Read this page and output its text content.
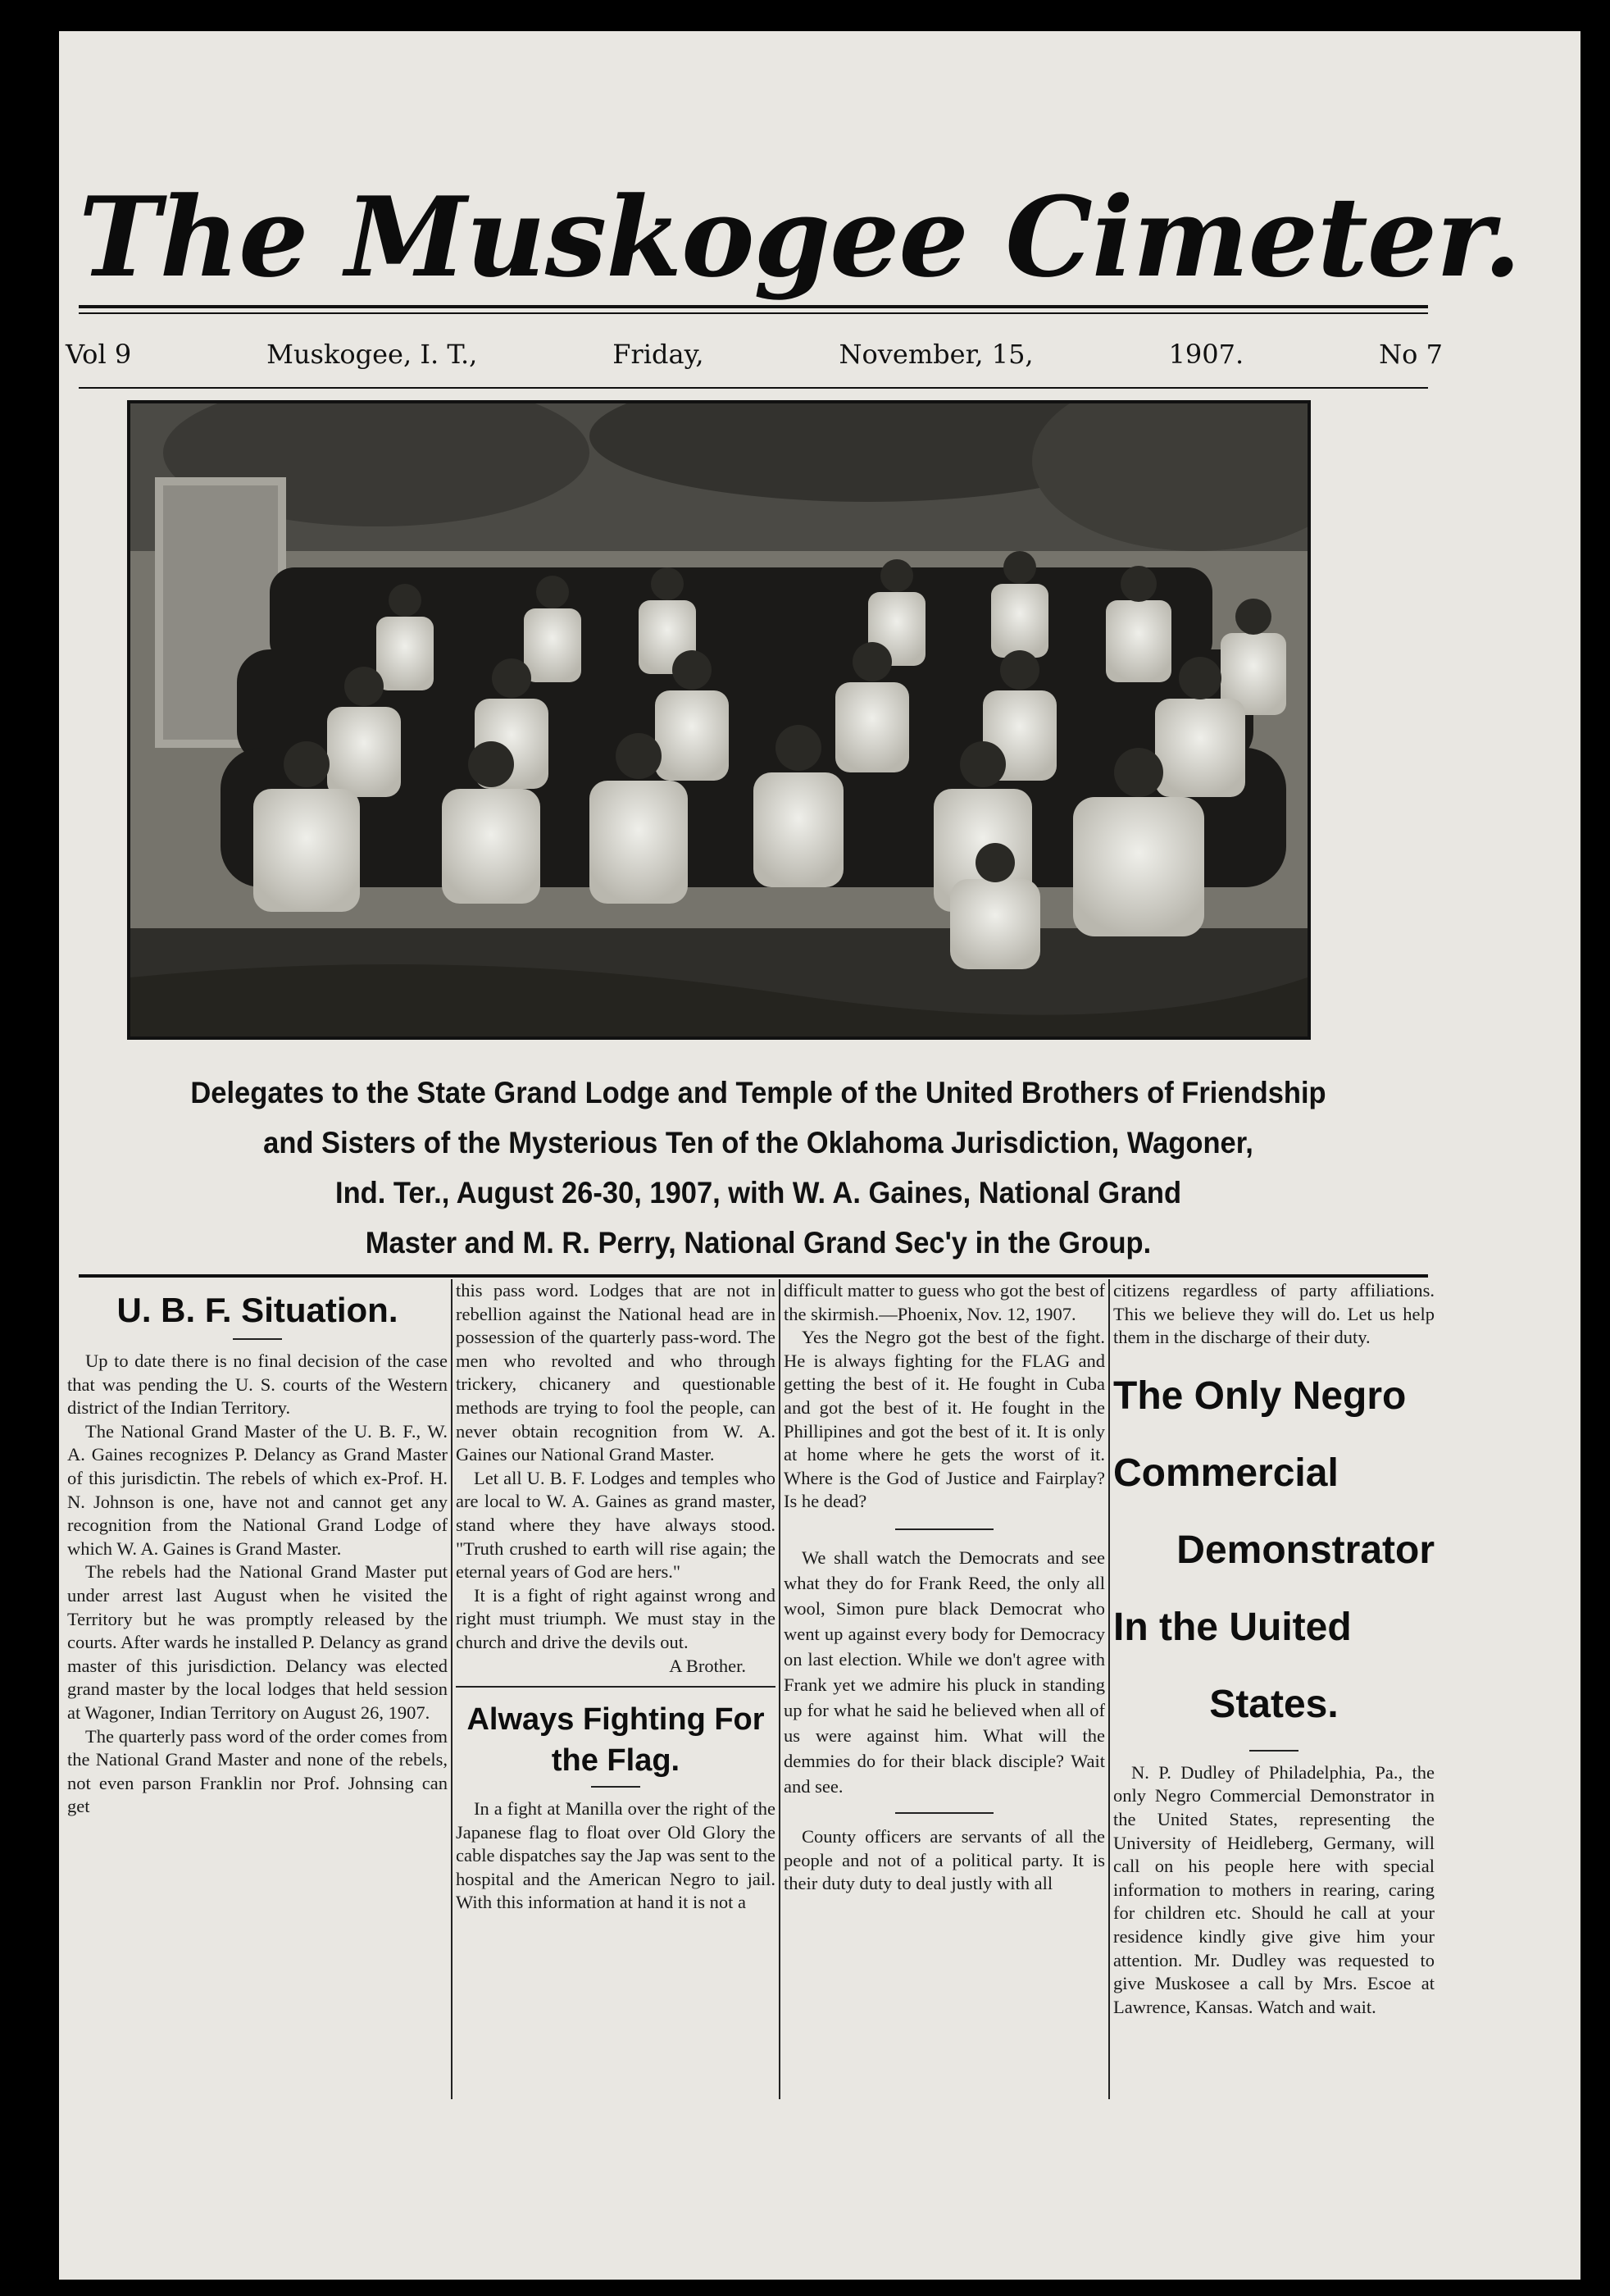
The Muskogee Cimeter.
Vol 9	Muskogee, I. T.,	Friday,	November, 15,	1907.	No 7
Delegates to the State Grand Lodge and Temple of the United Brothers of Friendship
and Sisters of the Mysterious Ten of the Oklahoma Jurisdiction, Wagoner,
Ind. Ter., August 26-30, 1907, with W. A. Gaines, National Grand
Master and M. R. Perry, National Grand Sec'y in the Group.
U. B. F. Situation.

Up to date there is no final decision of the case that was pending the U. S. courts of the Western district of the Indian Territory.

The National Grand Master of the U. B. F., W. A. Gaines recognizes P. Delancy as Grand Master of this jurisdictin. The rebels of which ex-Prof. H. N. Johnson is one, have not and cannot get any recognition from the National Grand Lodge of which W. A. Gaines is Grand Master.

The rebels had the National Grand Master put under arrest last August when he visited the Territory but he was promptly released by the courts. After wards he installed P. Delancy as grand master of this jurisdiction. Delancy was elected grand master by the local lodges that held session at Wagoner, Indian Territory on August 26, 1907.

The quarterly pass word of the order comes from the National Grand Master and none of the rebels, not even parson Franklin nor Prof. Johnsing can get

this pass word. Lodges that are not in rebellion against the National head are in possession of the quarterly pass-word. The men who revolted and who through trickery, chicanery and questionable methods are trying to fool the people, can never obtain recognition from W. A. Gaines our National Grand Master.

Let all U. B. F. Lodges and temples who are local to W. A. Gaines as grand master, stand where they have always stood. "Truth crushed to earth will rise again; the eternal years of God are hers."

It is a fight of right against wrong and right must triumph. We must stay in the church and drive the devils out.

A Brother.

Always Fighting For
the Flag.

In a fight at Manilla over the right of the Japanese flag to float over Old Glory the cable dispatches say the Jap was sent to the hospital and the American Negro to jail. With this information at hand it is not a

difficult matter to guess who got the best of the skirmish.—Phoenix, Nov. 12, 1907.

Yes the Negro got the best of the fight. He is always fighting for the FLAG and getting the best of it. He fought in Cuba and got the best of it. He fought in the Phillipines and got the best of it. It is only at home where he gets the worst of it. Where is the God of Justice and Fairplay? Is he dead?

We shall watch the Democrats and see what they do for Frank Reed, the only all wool, Simon pure black Democrat who went up against every body for Democracy on last election. While we don't agree with Frank yet we admire his pluck in standing up for what he said he believed when all of us were against him. What will the demmies do for their black disciple? Wait and see.

County officers are servants of all the people and not of a political party. It is their duty duty to deal justly with all

citizens regardless of party affiliations. This we believe they will do. Let us help them in the discharge of their duty.

The Only Negro
Commercial
Demonstrator
In the Uuited
States.

N. P. Dudley of Philadelphia, Pa., the only Negro Commercial Demonstrator in the United States, representing the University of Heidleberg, Germany, will call on his people here with special information to mothers in rearing, caring for children etc. Should he call at your residence kindly give give him your attention. Mr. Dudley was requested to give Muskosee a call by Mrs. Escoe at Lawrence, Kansas. Watch and wait.
